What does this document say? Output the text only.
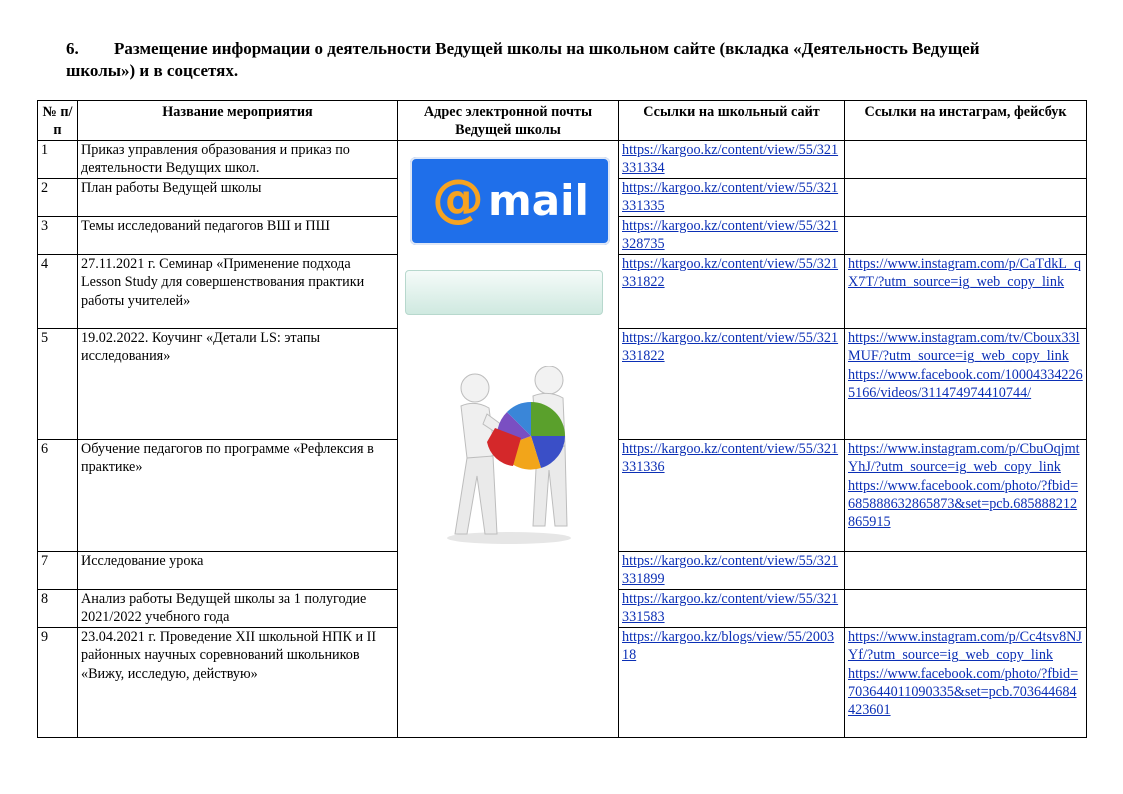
6. Размещение информации о деятельности Ведущей школы на школьном сайте (вкладка «Деятельность Ведущей школы») и в соцсетях.
№ п/п	Название мероприятия	Адрес электронной почты Ведущей школы	Ссылки на школьный сайт	Ссылки на инстаграм, фейсбук
1	Приказ управления образования и приказ по деятельности Ведущих школ.	@ mail	https://kargoo.kz/content/view/55/321331334	
2	План работы Ведущей школы		https://kargoo.kz/content/view/55/321331335	
3	Темы исследований педагогов ВШ и ПШ		https://kargoo.kz/content/view/55/321328735	
4	27.11.2021 г. Семинар «Применение подхода Lesson Study для совершенствования практики работы учителей»		https://kargoo.kz/content/view/55/321331822	https://www.instagram.com/p/CaTdkL_qX7T/?utm_source=ig_web_copy_link

5	19.02.2022. Коучинг «Детали LS: этапы исследования»		https://kargoo.kz/content/view/55/321331822	https://www.instagram.com/tv/Cbouх33lMUF/?utm_source=ig_web_copy_link
https://www.facebook.com/100043342265166/videos/311474974410744/

6	Обучение педагогов по программе «Рефлексия в практике»		https://kargoo.kz/content/view/55/321331336	https://www.instagram.com/p/CbuOqjmtYhJ/?utm_source=ig_web_copy_link
https://www.facebook.com/photo/?fbid=685888632865873&set=pcb.685888212865915

7	Исследование урока		https://kargoo.kz/content/view/55/321331899	
8	Анализ работы Ведущей школы за 1 полугодие 2021/2022 учебного года		https://kargoo.kz/content/view/55/321331583	
9	23.04.2021 г. Проведение XII школьной НПК и II районных научных соревнований школьников «Вижу, исследую, действую»		https://kargoo.kz/blogs/view/55/200318	https://www.instagram.com/p/Cc4tsv8NJYf/?utm_source=ig_web_copy_link
https://www.facebook.com/photo/?fbid=703644011090335&set=pcb.703644684423601
